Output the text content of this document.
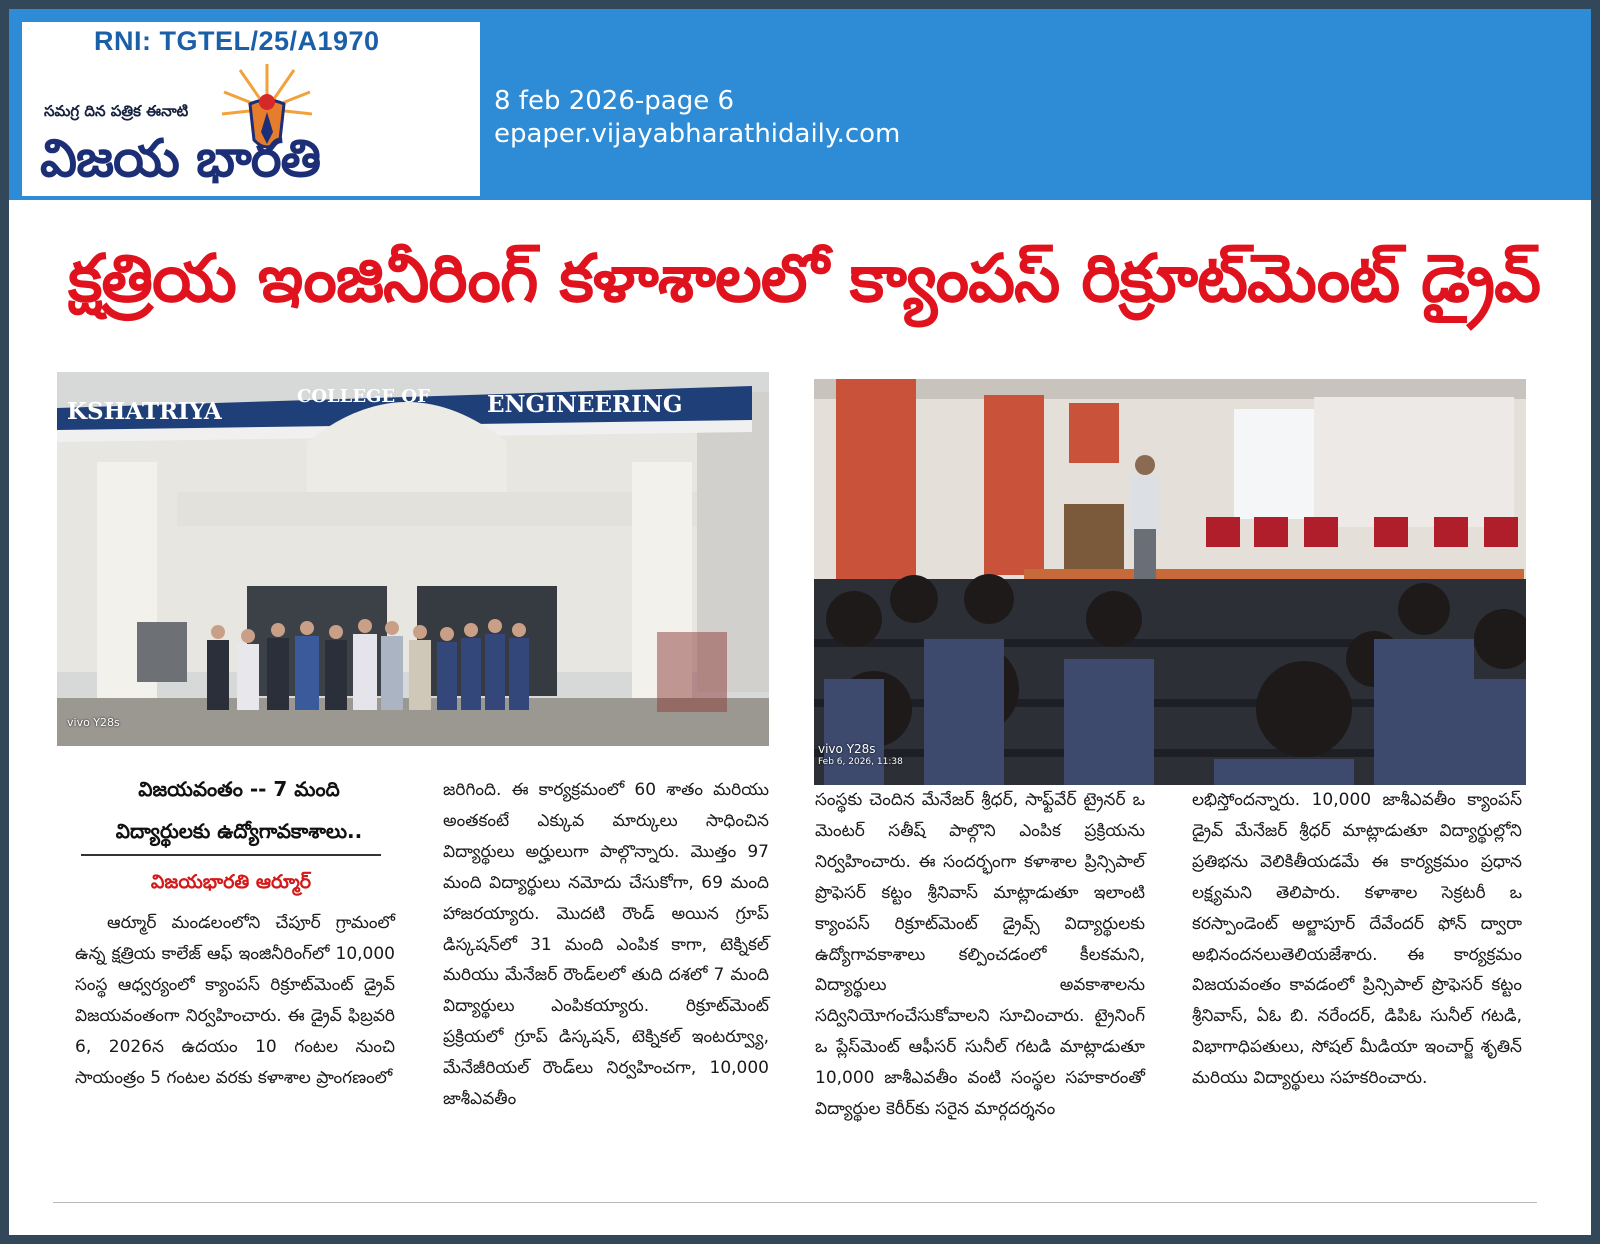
RNI: TGTEL/25/A1970
సమగ్ర దిన పత్రిక ఈనాటి
విజయ భారతి
8 feb 2026-page 6
epaper.vijayabharathidaily.com
క్షత్రియ ఇంజినీరింగ్ కళాశాలలో క్యాంపస్ రిక్రూట్‌మెంట్ డ్రైవ్
KSHATRIYA
COLLEGE OF ENGINEERING
vivo Y28s
vivo Y28s
Feb 6, 2026, 11:38
విజయవంతం -- 7 మంది
విద్యార్థులకు ఉద్యోగావకాశాలు..
విజయభారతి ఆర్మూర్
ఆర్మూర్ మండలంలోని చేపూర్ గ్రామంలో ఉన్న క్షత్రియ కాలేజ్ ఆఫ్ ఇంజినీరింగ్‌లో 10,000 సంస్థ ఆధ్వర్యంలో క్యాంపస్ రిక్రూట్‌మెంట్ డ్రైవ్ విజయవంతంగా నిర్వహించారు. ఈ డ్రైవ్ ఫిబ్రవరి 6, 2026న ఉదయం 10 గంటల నుంచి సాయంత్రం 5 గంటల వరకు కళాశాల ప్రాంగణంలో
జరిగింది. ఈ కార్యక్రమంలో 60 శాతం మరియు అంతకంటే ఎక్కువ మార్కులు సాధించిన విద్యార్థులు అర్హులుగా పాల్గొన్నారు. మొత్తం 97 మంది విద్యార్థులు నమోదు చేసుకోగా, 69 మంది హాజరయ్యారు. మొదటి రౌండ్ అయిన గ్రూప్ డిస్కషన్‌లో 31 మంది ఎంపిక కాగా, టెక్నికల్ మరియు మేనేజర్ రౌండ్‌లలో తుది దశలో 7 మంది విద్యార్థులు ఎంపికయ్యారు. రిక్రూట్‌మెంట్ ప్రక్రియలో గ్రూప్ డిస్కషన్, టెక్నికల్ ఇంటర్వ్యూ, మేనేజీరియల్ రౌండ్‌లు నిర్వహించగా, 10,000 జాశీఎవతీం
సంస్థకు చెందిన మేనేజర్ శ్రీధర్, సాఫ్ట్‌వేర్ ట్రైనర్ ఒ మెంటర్ సతీష్ పాల్గొని ఎంపిక ప్రక్రియను నిర్వహించారు. ఈ సందర్భంగా కళాశాల ప్రిన్సిపాల్ ప్రొఫెసర్ కట్టం శ్రీనివాస్ మాట్లాడుతూ ఇలాంటి క్యాంపస్ రిక్రూట్‌మెంట్ డ్రైవ్స్ విద్యార్థులకు ఉద్యోగావకాశాలు కల్పించడంలో కీలకమని, విద్యార్థులు అవకాశాలను సద్వినియోగంచేసుకోవాలని సూచించారు. ట్రైనింగ్ ఒ ప్లేస్‌మెంట్ ఆఫీసర్ సునీల్ గటడి మాట్లాడుతూ 10,000 జాశీఎవతీం వంటి సంస్థల సహకారంతో విద్యార్థుల కెరీర్‌కు సరైన మార్గదర్శనం
లభిస్తోందన్నారు. 10,000 జాశీఎవతీం క్యాంపస్ డ్రైవ్ మేనేజర్ శ్రీధర్ మాట్లాడుతూ విద్యార్థుల్లోని ప్రతిభను వెలికితీయడమే ఈ కార్యక్రమం ప్రధాన లక్ష్యమని తెలిపారు. కళాశాల సెక్రటరీ ఒ కరస్పాండెంట్ అల్జాపూర్ దేవేందర్ ఫోన్ ద్వారా అభినందనలుతెలియజేశారు. ఈ కార్యక్రమం విజయవంతం కావడంలో ప్రిన్సిపాల్ ప్రొఫెసర్ కట్టం శ్రీనివాస్, ఏఓ బి. నరేందర్, డిపిఓ సునీల్ గటడి, విభాగాధిపతులు, సోషల్ మీడియా ఇంచార్జ్ శృతిన్ మరియు విద్యార్థులు సహకరించారు.
